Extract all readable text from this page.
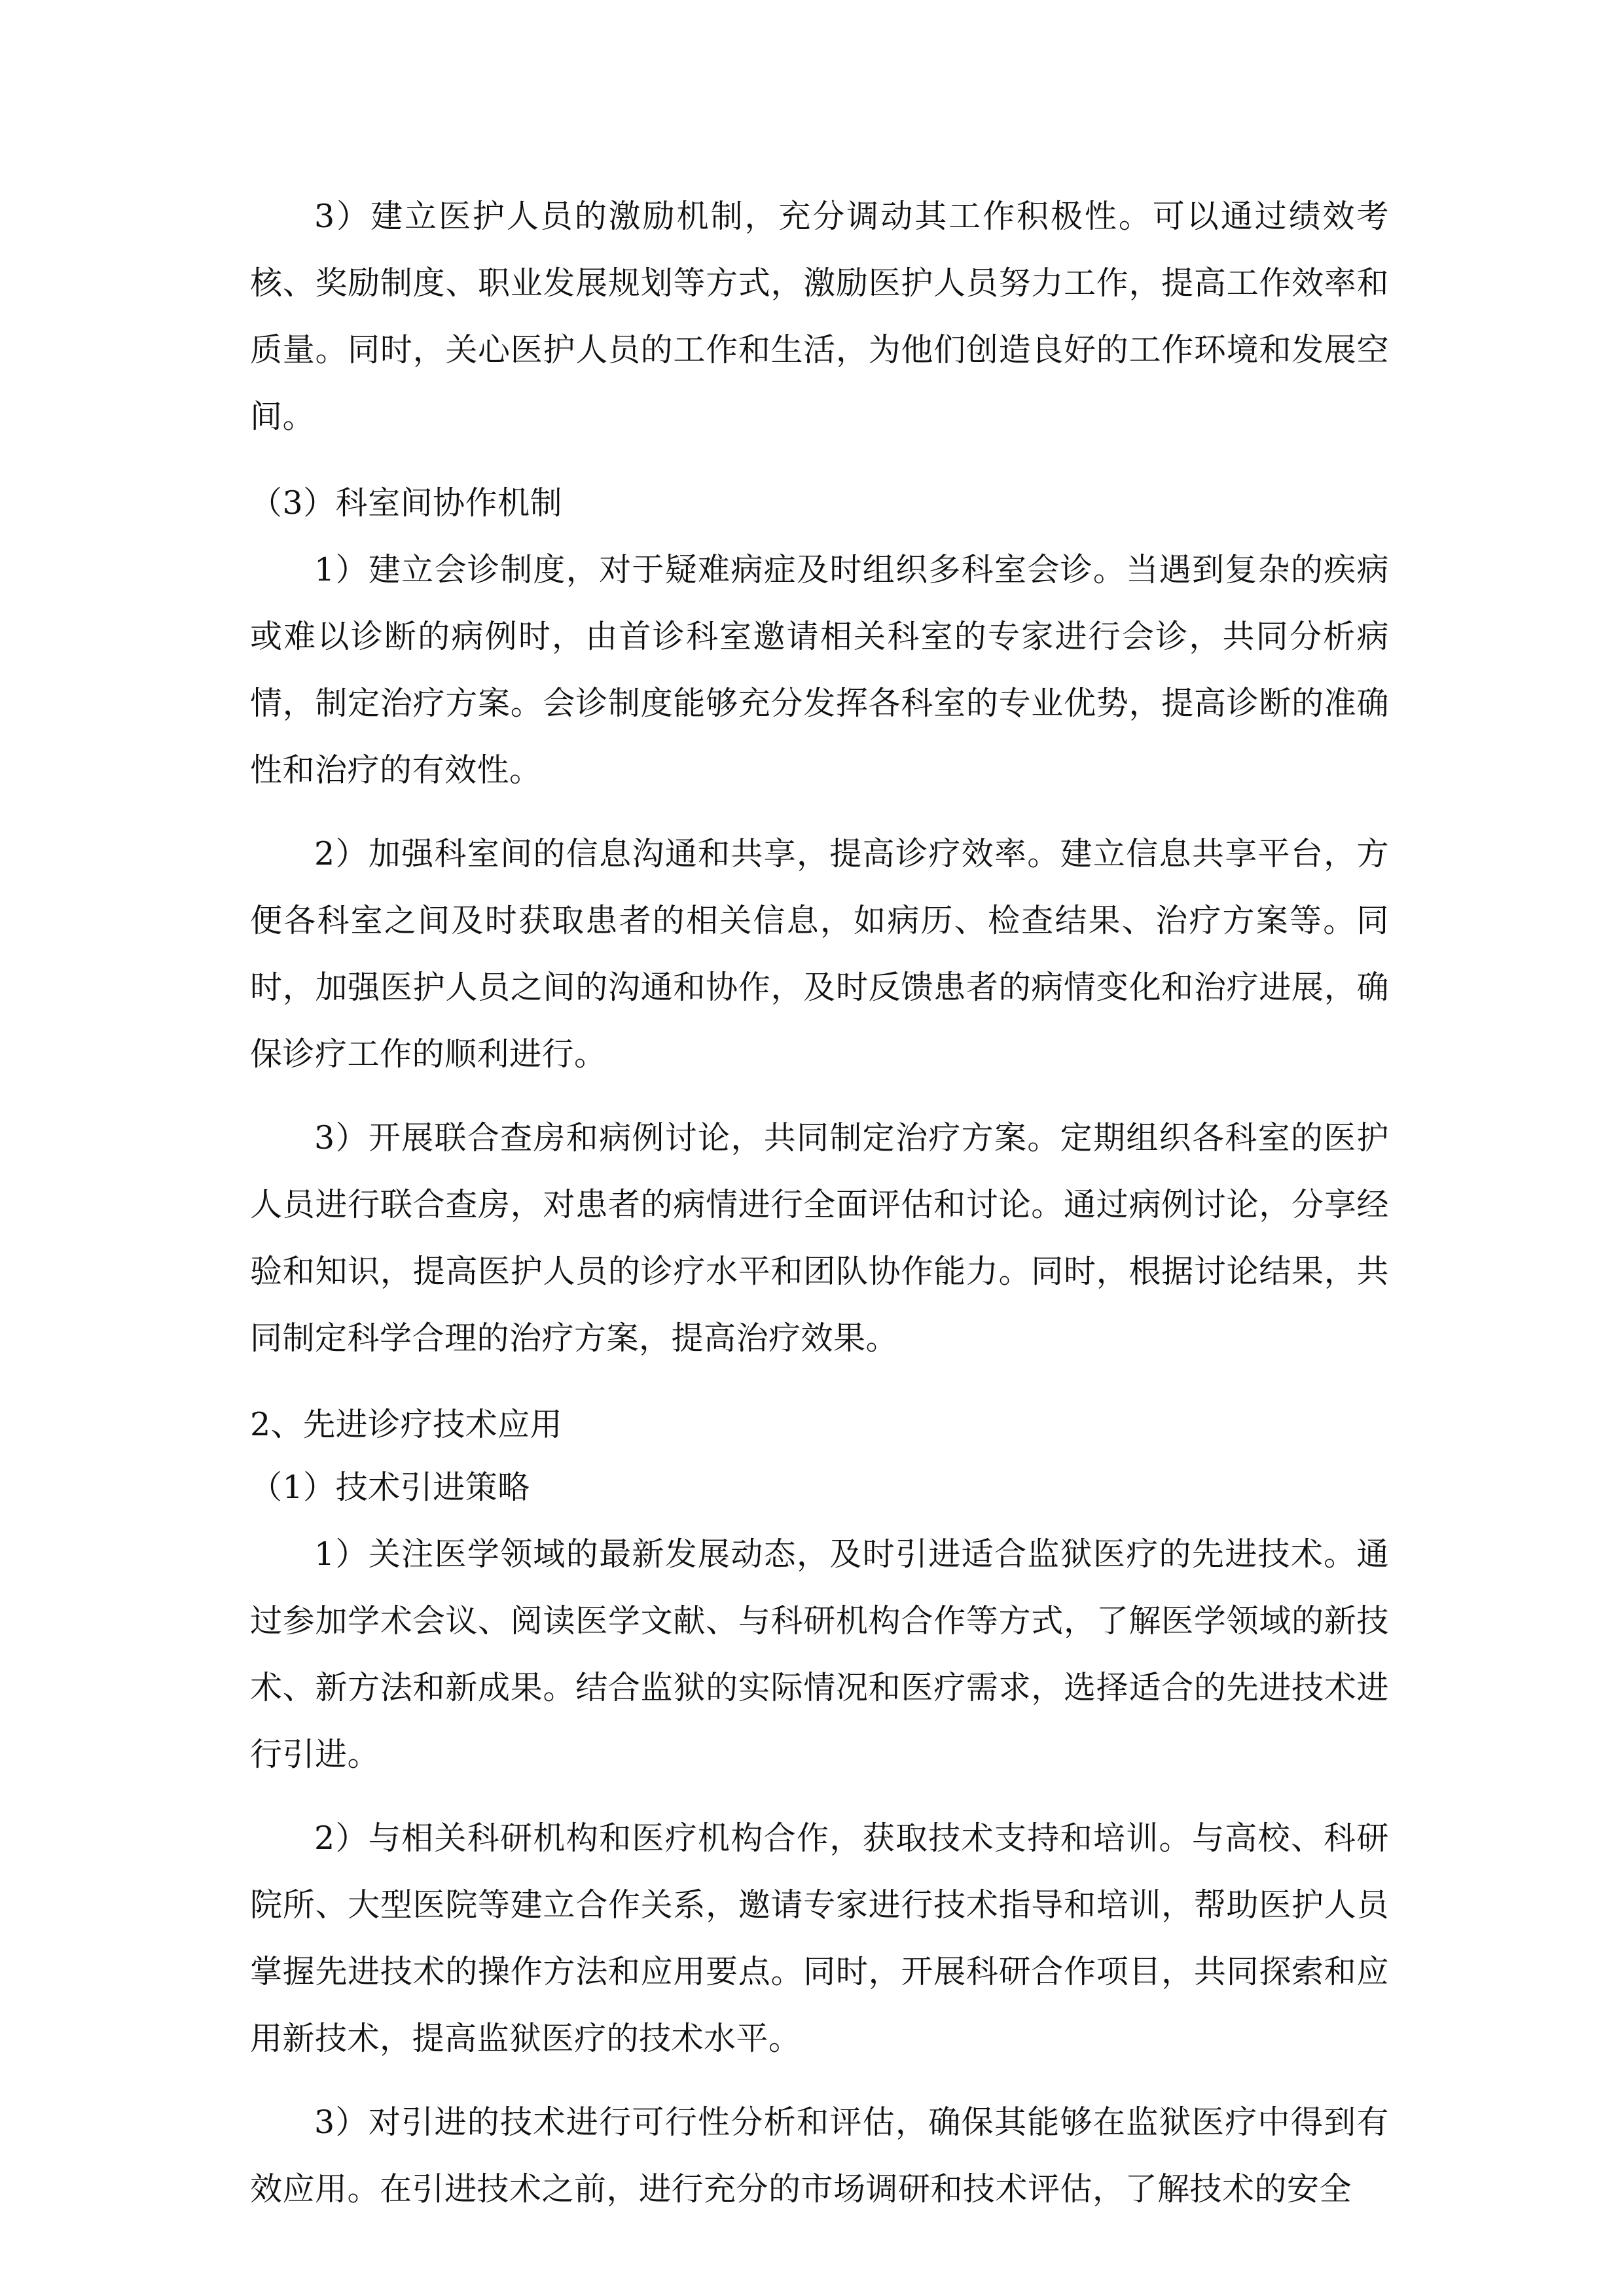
3）建立医护人员的激励机制，充分调动其工作积极性。可以通过绩效考核、奖励制度、职业发展规划等方式，激励医护人员努力工作，提高工作效率和质量。同时，关心医护人员的工作和生活，为他们创造良好的工作环境和发展空间。

（3）科室间协作机制

1）建立会诊制度，对于疑难病症及时组织多科室会诊。当遇到复杂的疾病或难以诊断的病例时，由首诊科室邀请相关科室的专家进行会诊，共同分析病情，制定治疗方案。会诊制度能够充分发挥各科室的专业优势，提高诊断的准确性和治疗的有效性。

2）加强科室间的信息沟通和共享，提高诊疗效率。建立信息共享平台，方便各科室之间及时获取患者的相关信息，如病历、检查结果、治疗方案等。同时，加强医护人员之间的沟通和协作，及时反馈患者的病情变化和治疗进展，确保诊疗工作的顺利进行。

3）开展联合查房和病例讨论，共同制定治疗方案。定期组织各科室的医护人员进行联合查房，对患者的病情进行全面评估和讨论。通过病例讨论，分享经验和知识，提高医护人员的诊疗水平和团队协作能力。同时，根据讨论结果，共同制定科学合理的治疗方案，提高治疗效果。

2、先进诊疗技术应用

（1）技术引进策略

1）关注医学领域的最新发展动态，及时引进适合监狱医疗的先进技术。通过参加学术会议、阅读医学文献、与科研机构合作等方式，了解医学领域的新技术、新方法和新成果。结合监狱的实际情况和医疗需求，选择适合的先进技术进行引进。

2）与相关科研机构和医疗机构合作，获取技术支持和培训。与高校、科研院所、大型医院等建立合作关系，邀请专家进行技术指导和培训，帮助医护人员掌握先进技术的操作方法和应用要点。同时，开展科研合作项目，共同探索和应用新技术，提高监狱医疗的技术水平。

3）对引进的技术进行可行性分析和评估，确保其能够在监狱医疗中得到有效应用。在引进技术之前，进行充分的市场调研和技术评估，了解技术的安全
